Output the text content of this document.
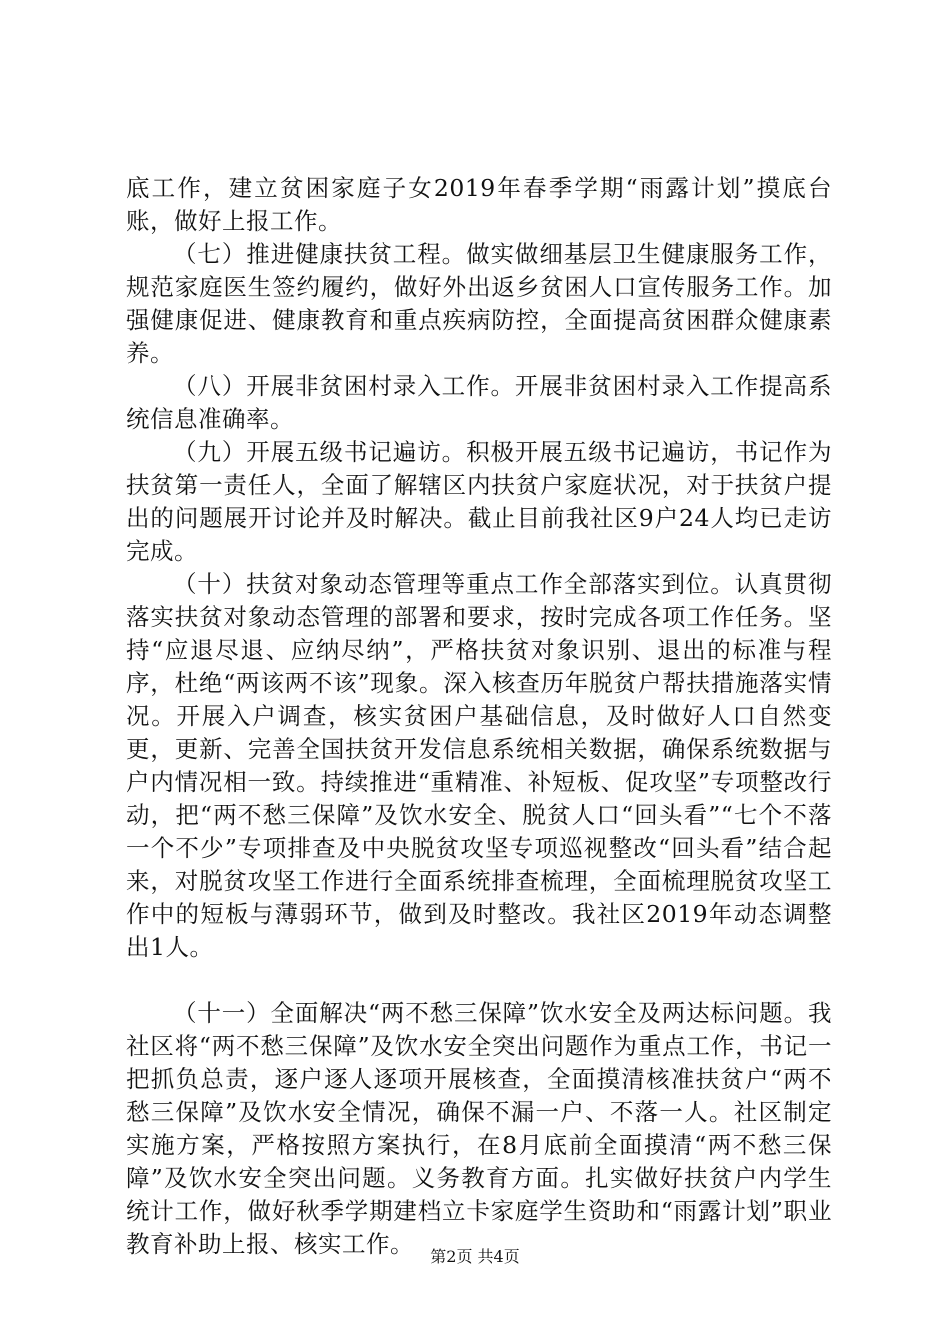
底工作，建立贫困家庭子女2019年春季学期“雨露计划”摸底台账，做好上报工作。

（七）推进健康扶贫工程。做实做细基层卫生健康服务工作，规范家庭医生签约履约，做好外出返乡贫困人口宣传服务工作。加强健康促进、健康教育和重点疾病防控，全面提高贫困群众健康素养。

（八）开展非贫困村录入工作。开展非贫困村录入工作提高系统信息准确率。

（九）开展五级书记遍访。积极开展五级书记遍访，书记作为扶贫第一责任人，全面了解辖区内扶贫户家庭状况，对于扶贫户提出的问题展开讨论并及时解决。截止目前我社区9户24人均已走访完成。

（十）扶贫对象动态管理等重点工作全部落实到位。认真贯彻落实扶贫对象动态管理的部署和要求，按时完成各项工作任务。坚持“应退尽退、应纳尽纳”，严格扶贫对象识别、退出的标准与程序，杜绝“两该两不该”现象。深入核查历年脱贫户帮扶措施落实情况。开展入户调查，核实贫困户基础信息，及时做好人口自然变更，更新、完善全国扶贫开发信息系统相关数据，确保系统数据与户内情况相一致。持续推进“重精准、补短板、促攻坚”专项整改行动，把“两不愁三保障”及饮水安全、脱贫人口“回头看”“七个不落一个不少”专项排查及中央脱贫攻坚专项巡视整改“回头看”结合起来，对脱贫攻坚工作进行全面系统排查梳理，全面梳理脱贫攻坚工作中的短板与薄弱环节，做到及时整改。我社区2019年动态调整出1人。

（十一）全面解决“两不愁三保障”饮水安全及两达标问题。我社区将“两不愁三保障”及饮水安全突出问题作为重点工作，书记一把抓负总责，逐户逐人逐项开展核查，全面摸清核准扶贫户“两不愁三保障”及饮水安全情况，确保不漏一户、不落一人。社区制定实施方案，严格按照方案执行，在8月底前全面摸清“两不愁三保障”及饮水安全突出问题。义务教育方面。扎实做好扶贫户内学生统计工作，做好秋季学期建档立卡家庭学生资助和“雨露计划”职业教育补助上报、核实工作。	第2页 共4页
